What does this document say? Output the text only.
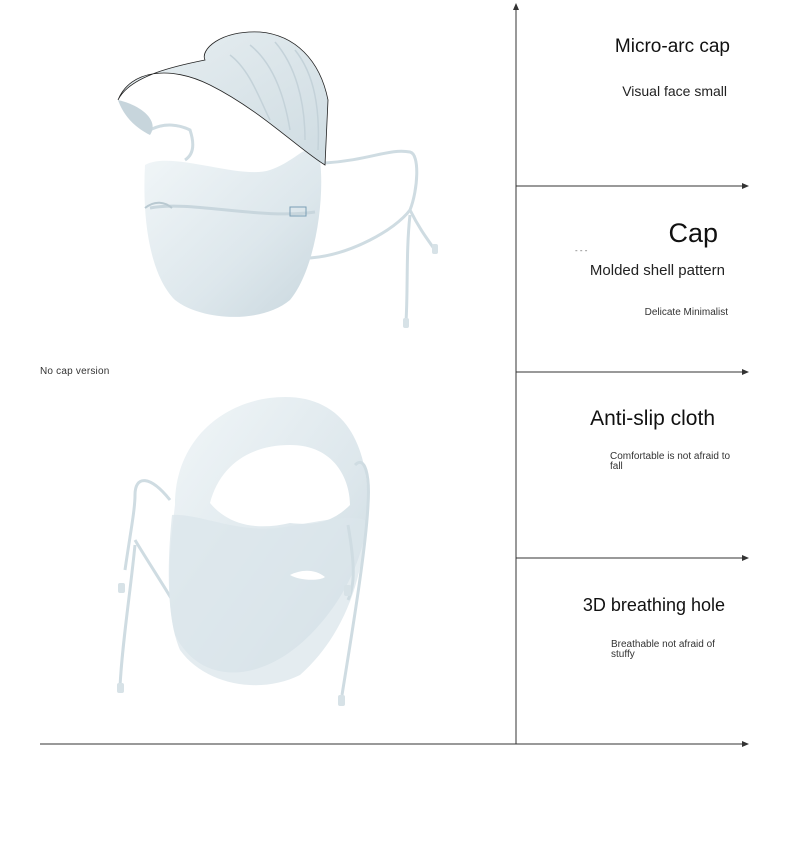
No cap version
Micro-arc cap
Visual face small
- - -
Cap
Molded shell pattern
Delicate Minimalist
Anti-slip cloth
Comfortable is not afraid to fall
3D breathing hole
Breathable not afraid of stuffy
